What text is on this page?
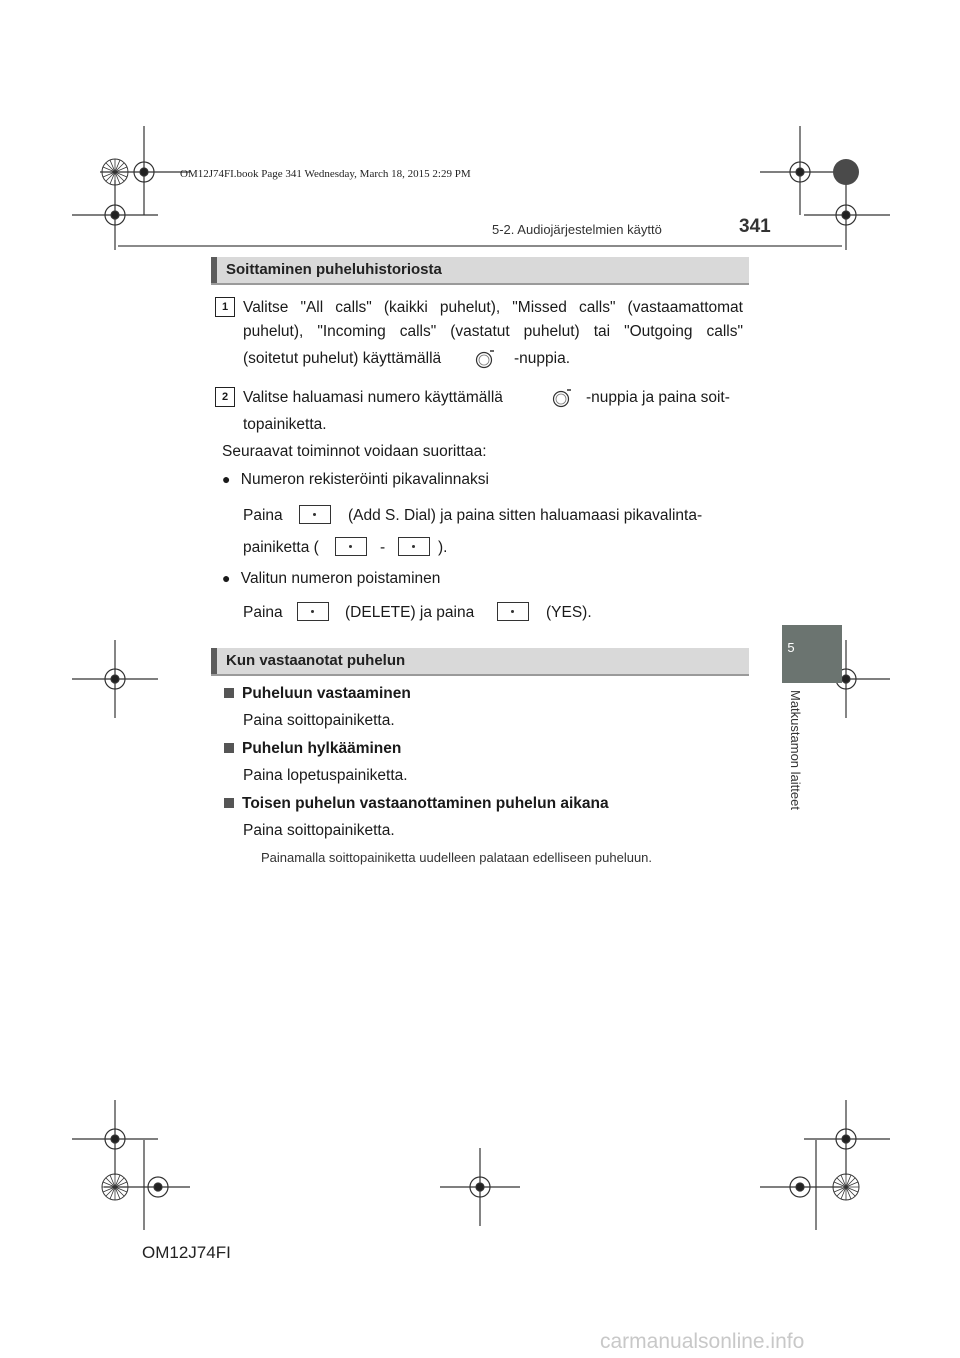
OM12J74FI.book Page 341 Wednesday, March 18, 2015 2:29 PM
5-2. Audiojärjestelmien käyttö	341
5
Matkustamon laitteet
Soittaminen puheluhistoriosta
1 Valitse "All calls" (kaikki puhelut), "Missed calls" (vastaamattomat
puhelut), "Incoming calls" (vastatut puhelut) tai "Outgoing calls"
(soitetut puhelut) käyttämällä	-nuppia.
2 Valitse haluamasi numero käyttämällä	-nuppia ja paina soit-
topainiketta.
Seuraavat toiminnot voidaan suorittaa:
● Numeron rekisteröinti pikavalinnaksi
Paina	(Add S. Dial) ja paina sitten haluamaasi pikavalinta-
painiketta (	-	).
● Valitun numeron poistaminen
Paina	(DELETE) ja paina	(YES).
Kun vastaanotat puhelun
Puheluun vastaaminen
Paina soittopainiketta.
Puhelun hylkääminen
Paina lopetuspainiketta.
Toisen puhelun vastaanottaminen puhelun aikana
Paina soittopainiketta.
Painamalla soittopainiketta uudelleen palataan edelliseen puheluun.
OM12J74FI
carmanualsonline.info
